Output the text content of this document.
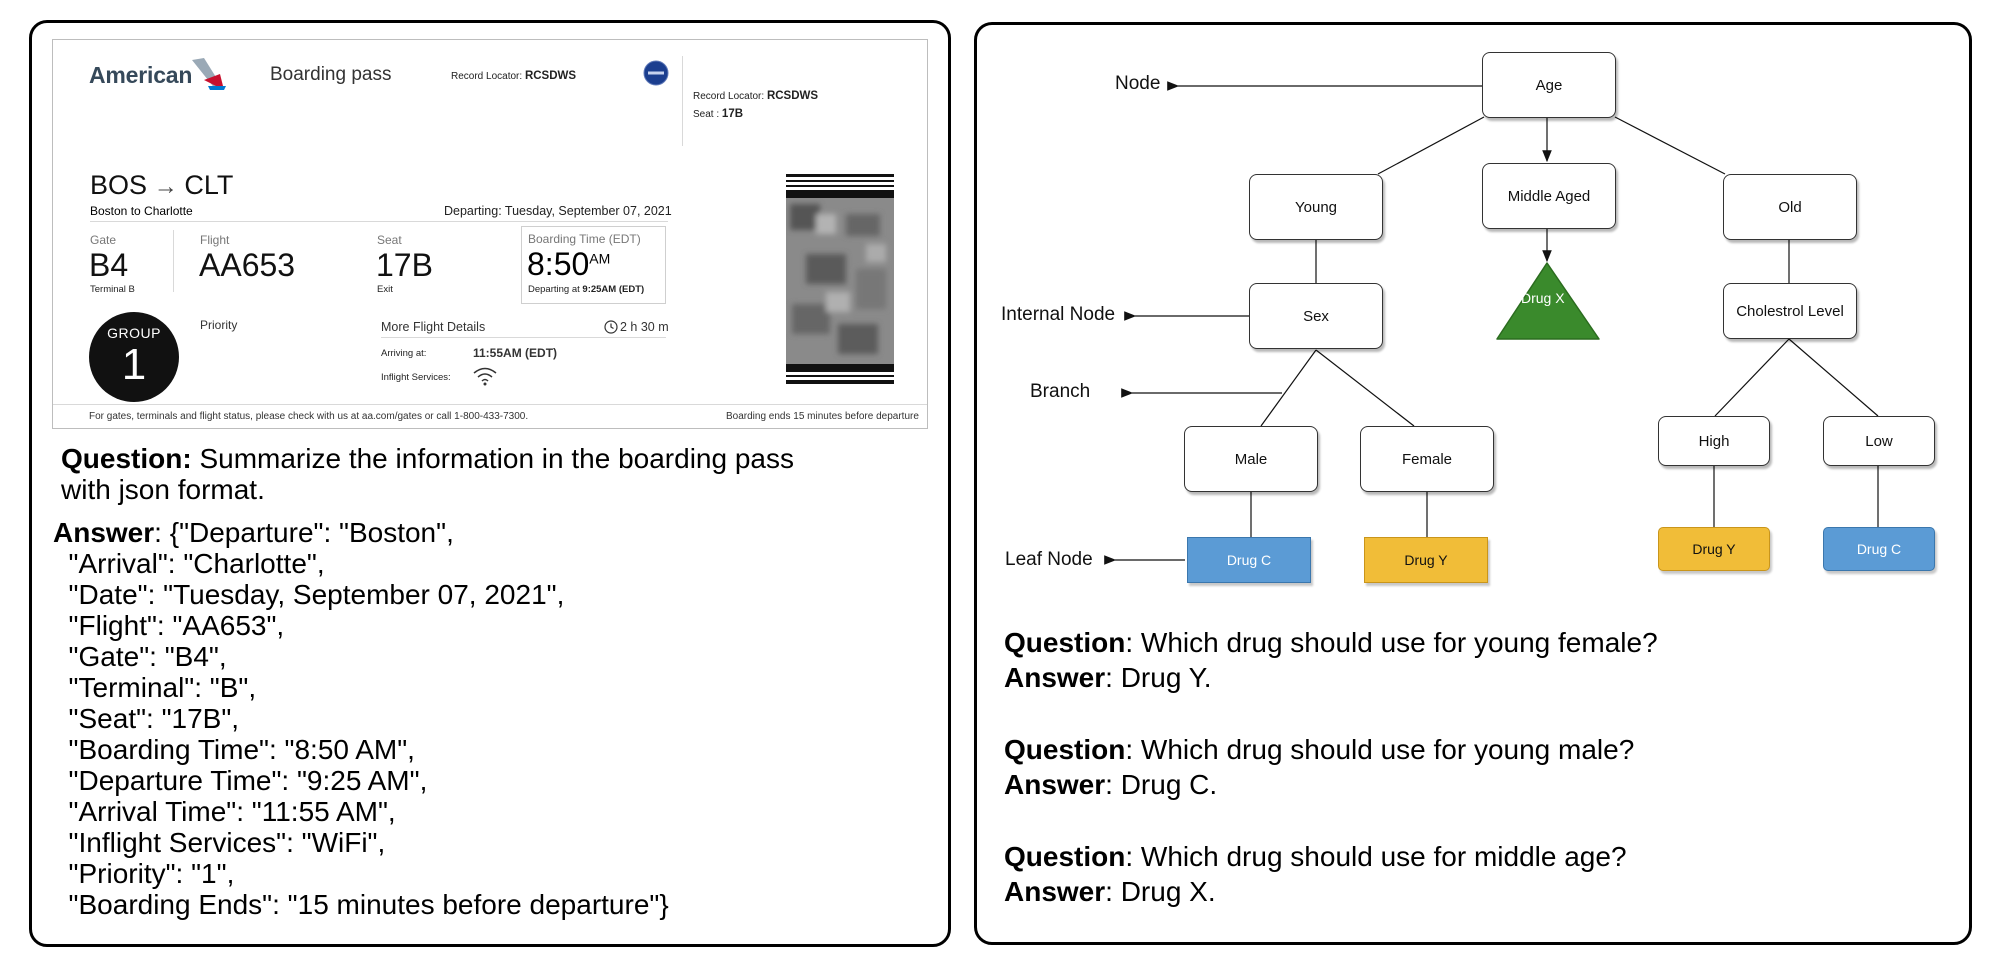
American	Boarding pass	Record Locator: RCSDWS
Record Locator: RCSDWS
Seat : 17B
BOS → CLT
Boston to Charlotte	Departing: Tuesday, September 07, 2021
Gate
B4
Terminal B
Flight
AA653
Seat
17B
Exit
Boarding Time (EDT)
$8:50^{AM}$
Departing at 9:25AM (EDT)
GROUP
1
Priority	More Flight Details	2 h 30 m
Arriving at:	11:55AM (EDT)
Inflight Services:
For gates, terminals and flight status, please check with us at aa.com/gates or call 1-800-433-7300.	Boarding ends 15 minutes before departure
Question: Summarize the information in the boarding pass
with json format.
Answer: {"Departure": "Boston",
"Arrival": "Charlotte",
"Date": "Tuesday, September 07, 2021",
"Flight": "AA653",
"Gate": "B4",
"Terminal": "B",
"Seat": "17B",
"Boarding Time": "8:50 AM",
"Departure Time": "9:25 AM",
"Arrival Time": "11:55 AM",
"Inflight Services": "WiFi",
"Priority": "1",
"Boarding Ends": "15 minutes before departure"}
Node
Internal Node
Branch
Leaf Node
Age
Young
Middle Aged
Old
Sex	Cholestrol Level
Male	Female
High	Low
Drug X
Drug C	Drug Y
Drug Y	Drug C
Question: Which drug should use for young female?
Answer: Drug Y.
Question: Which drug should use for young male?
Answer: Drug C.
Question: Which drug should use for middle age?
Answer: Drug X.
